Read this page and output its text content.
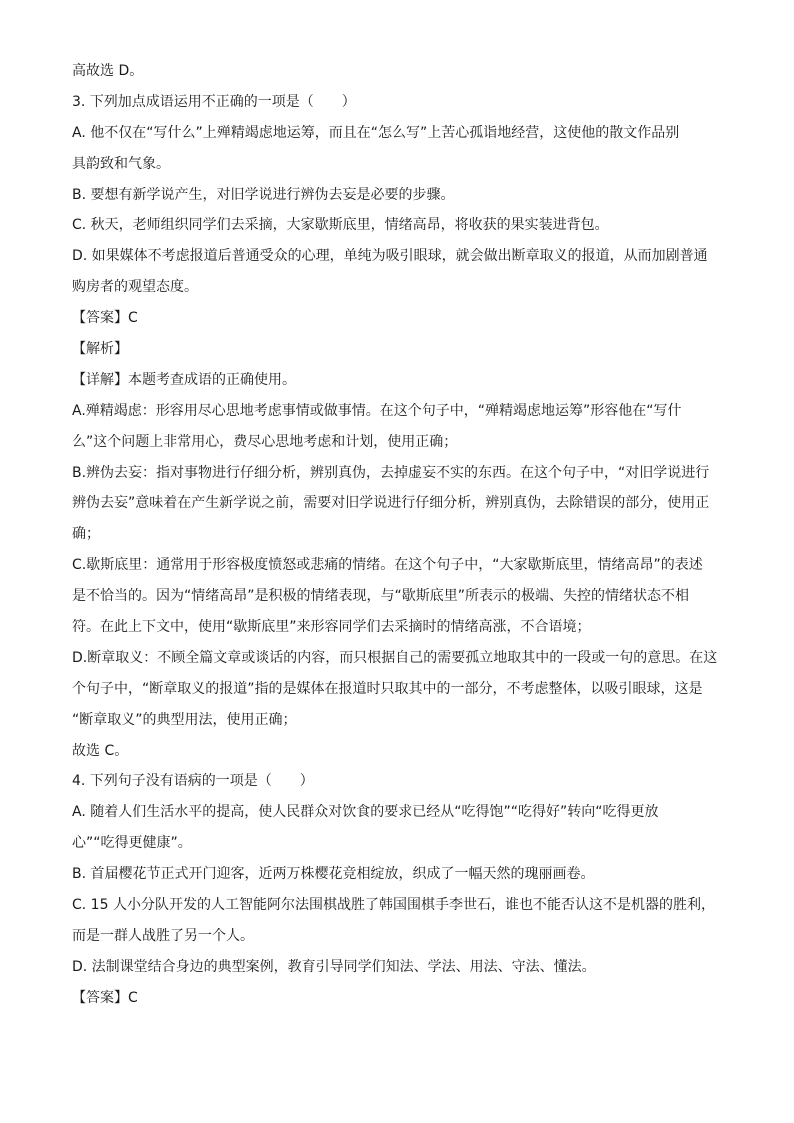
高故选 D。
3. 下列加点成语运用不正确的一项是（　　）
A. 他不仅在“写什么”上殚精竭虑地运筹，而且在“怎么写”上苦心孤诣地经营，这使他的散文作品别
具韵致和气象。
B. 要想有新学说产生，对旧学说进行辨伪去妄是必要的步骤。
C. 秋天，老师组织同学们去采摘，大家歇斯底里，情绪高昂，将收获的果实装进背包。
D. 如果媒体不考虑报道后普通受众的心理，单纯为吸引眼球，就会做出断章取义的报道，从而加剧普通
购房者的观望态度。
【答案】C
【解析】
【详解】本题考查成语的正确使用。
A.殚精竭虑：形容用尽心思地考虑事情或做事情。在这个句子中，“殚精竭虑地运筹”形容他在“写什
么”这个问题上非常用心，费尽心思地考虑和计划，使用正确；
B.辨伪去妄：指对事物进行仔细分析，辨别真伪，去掉虚妄不实的东西。在这个句子中，“对旧学说进行
辨伪去妄”意味着在产生新学说之前，需要对旧学说进行仔细分析，辨别真伪，去除错误的部分，使用正
确；
C.歇斯底里：通常用于形容极度愤怒或悲痛的情绪。在这个句子中，“大家歇斯底里，情绪高昂”的表述
是不恰当的。因为“情绪高昂”是积极的情绪表现，与“歇斯底里”所表示的极端、失控的情绪状态不相
符。在此上下文中，使用“歇斯底里”来形容同学们去采摘时的情绪高涨，不合语境；
D.断章取义：不顾全篇文章或谈话的内容，而只根据自己的需要孤立地取其中的一段或一句的意思。在这
个句子中，“断章取义的报道”指的是媒体在报道时只取其中的一部分，不考虑整体，以吸引眼球，这是
“断章取义”的典型用法，使用正确；
故选 C。
4. 下列句子没有语病的一项是（　　）
A. 随着人们生活水平的提高，使人民群众对饮食的要求已经从“吃得饱”“吃得好”转向“吃得更放
心”“吃得更健康”。
B. 首届樱花节正式开门迎客，近两万株樱花竞相绽放，织成了一幅天然的瑰丽画卷。
C. 15 人小分队开发的人工智能阿尔法围棋战胜了韩国围棋手李世石，谁也不能否认这不是机器的胜利，
而是一群人战胜了另一个人。
D. 法制课堂结合身边的典型案例，教育引导同学们知法、学法、用法、守法、懂法。
【答案】C
